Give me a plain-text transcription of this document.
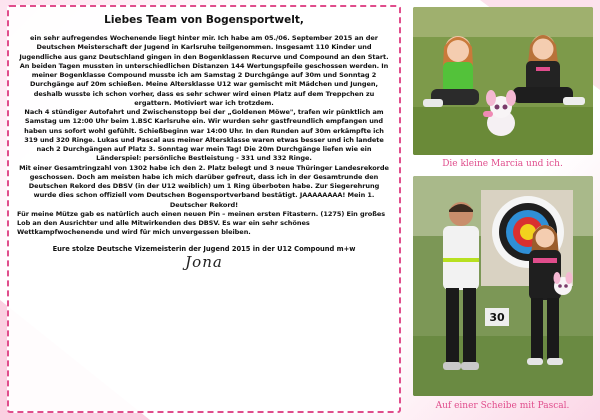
Liebes Team von Bogensportwelt,

ein sehr aufregendes Wochenende liegt hinter mir. Ich habe am 05./06. September 2015 an der Deutschen Meisterschaft der Jugend in Karlsruhe teilgenommen. Insgesamt 110 Kinder und Jugendliche aus ganz Deutschland gingen in den Bogenklassen Recurve und Compound an den Start. An beiden Tagen mussten in unterschiedlichen Distanzen 144 Wertungspfeile geschossen werden. In meiner Bogenklasse Compound musste ich am Samstag 2 Durchgänge auf 30m und Sonntag 2 Durchgänge auf 20m schießen. Meine Altersklasse U12 war gemischt mit Mädchen und Jungen, deshalb wusste ich schon vorher, dass es sehr schwer wird einen Platz auf dem Treppchen zu ergattern. Motiviert war ich trotzdem.

Nach 4 stündiger Autofahrt und Zwischenstopp bei der „Goldenen Möwe", trafen wir pünktlich am Samstag um 12:00 Uhr beim 1.BSC Karlsruhe ein. Wir wurden sehr gastfreundlich empfangen und haben uns sofort wohl gefühlt. Schießbeginn war 14:00 Uhr. In den Runden auf 30m erkämpfte ich 319 und 320 Ringe. Lukas und Pascal aus meiner Altersklasse waren etwas besser und ich landete nach 2 Durchgängen auf Platz 3. Sonntag war mein Tag! Die 20m Durchgänge liefen wie ein Länderspiel: persönliche Bestleistung - 331 und 332 Ringe.

Mit einer Gesamtringzahl von 1302 habe ich den 2. Platz belegt und 3 neue Thüringer Landesrekorde geschossen. Doch am meisten habe ich mich darüber gefreut, dass ich in der Gesamtrunde den Deutschen Rekord des DBSV (in der U12 weiblich) um 1 Ring überboten habe. Zur Siegerehrung wurde dies schon offiziell vom Deutschen Bogensportverband bestätigt. JAAAAAAAA! Mein 1. Deutscher Rekord!

Für meine Mütze gab es natürlich auch einen neuen Pin – meinen ersten Fitastern. (1275) Ein großes Lob an den Ausrichter und alle Mitwirkenden des DBSV. Es war ein sehr schönes Wettkampfwochenende und wird für mich unvergessen bleiben.

Eure stolze Deutsche Vizemeisterin der Jugend 2015 in der U12 Compound m+w
Jona
Die kleine Marcia und ich.
30
Auf einer Scheibe mit Pascal.
